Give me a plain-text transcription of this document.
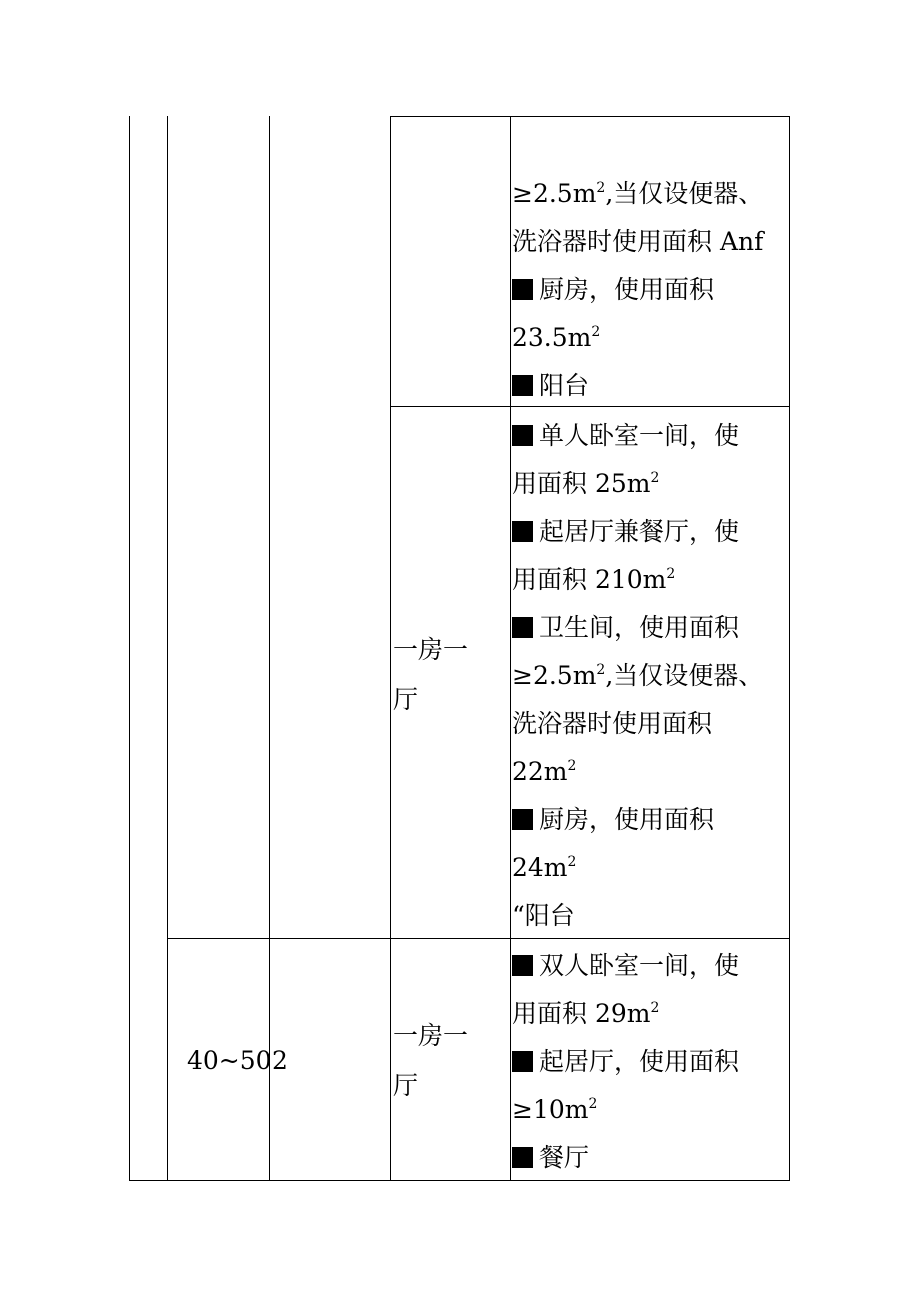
$\ge 2.5m^2$,当仅设便器、
洗浴器时使用面积 Anf
厨房，使用面积
$23.5m^2$
阳台
一房一
厅
单人卧室一间，使
用面积 $25m^2$
起居厅兼餐厅，使
用面积 $210m^2$
卫生间，使用面积
$\ge 2.5m^2$,当仅设便器、
洗浴器时使用面积
$22m^2$
厨房，使用面积
$24m^2$
“阳台
40~50 2
一房一
厅
双人卧室一间，使
用面积 $29m^2$
起居厅，使用面积
$\ge 10m^2$
餐厅
